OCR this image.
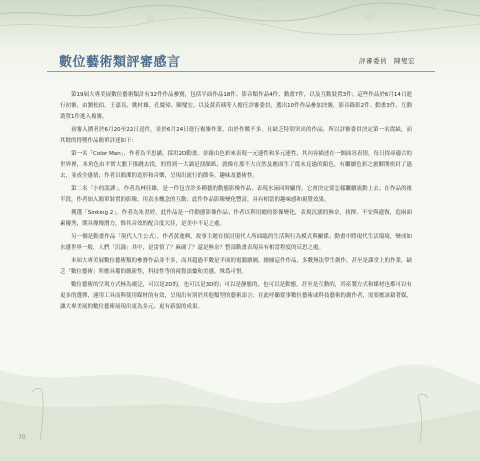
數位藝術類評審感言	評審委員　陳燮宏

第19屆大專美展數位藝術類計有32件作品參賽，包括平面作品18件、影音類作品4件、動畫7件，以及互動裝置3件；這些作品於6月14日進行初審，由劉松伯、王嘉良、姚村雄、孔慶璋、陳燮宏、以及黃若瑀等人擔任評審委員，選出10件作品參加決審，影音錄影2件、動畫3件、互動裝置1件進入複審。

初審入圍者於6月20至22日送件，並於6月24日進行複審作業，由於作數不多，且缺乏特別突出的作品，所以評審委員決定第一名從缺，而其餘的得獎作品簡單評述如下：

第一名「Color Man」，作者為羊思涵，採用2D動畫，並藉由色彩來表現一元連性和多元連性，其內容描述在一個面容表情，每日找尋適合的世界裡，本角色由平實大膽下推跳去找，的得到一大調是找顏紙，就像在那不大自然及應面生了從未見過的顏色，有繼續色彩之旅解開密封了過去，並成全感情；作者以簡潔的造形和音樂，呈現出流行的節奏，趣味及藝術性。

第二名「小的誤謬」，作者為林佳雄，是一件包含許多種藝的動態影像作品，表現水滴同時顯得，它會決定要怎樣繼續流動上去；在作品的後半段，作者加入簡單裝置的影像，用表水概念的互動；此件作品影像變化豐富，具有相當的趣味感和視覺效果。

獲選「Sinking 2」，作者為朱書婷，此作品是一件動態影像作品；作者以利用總的影像變化，表現沉溺的無奈，抉擇、不安與遺復，造兩面素優秀，期具像慢潛力，惟其音效的配合度欠佳，是美中不足之處。

另一個是動畫作品「現代人生公式」，作者黃逸興，故事主題在探討現代人所面臨的生活與行為模式與關係；動畫中將現代生活環境，變成如水感世界一般，人們「沉淪」其中，是雷情了？麻庸了？還是無奈？整部動畫表現具有相當程度的反思之處。

本屆大專美展數位藝術類的參賽作品並不多，而其超過半數是平面的電腦繪圖，繪圖這件作品，多數無法學生創作，甚至是課堂上的作業，缺乏「數位藝術」所應具備的創新性，科技性等的視覺語彙和美感，殊爲可惜。

數位藝術的呈現方式極為廣泛，可以是2D的，也可以是3D的；可以是靜態的，也可以是動態，甚至是互動的，其產製方式和媒材也都可以有更多的選擇，運用工具而與使用媒材的有效，呈現出有別於其他類型的藝術語言；在此呼籲從事數位藝術或科技藝術的創作者，需要應該藉著媒，讓大專美展的數位藝術展現出更為多元、更有新貌的成果。

70
